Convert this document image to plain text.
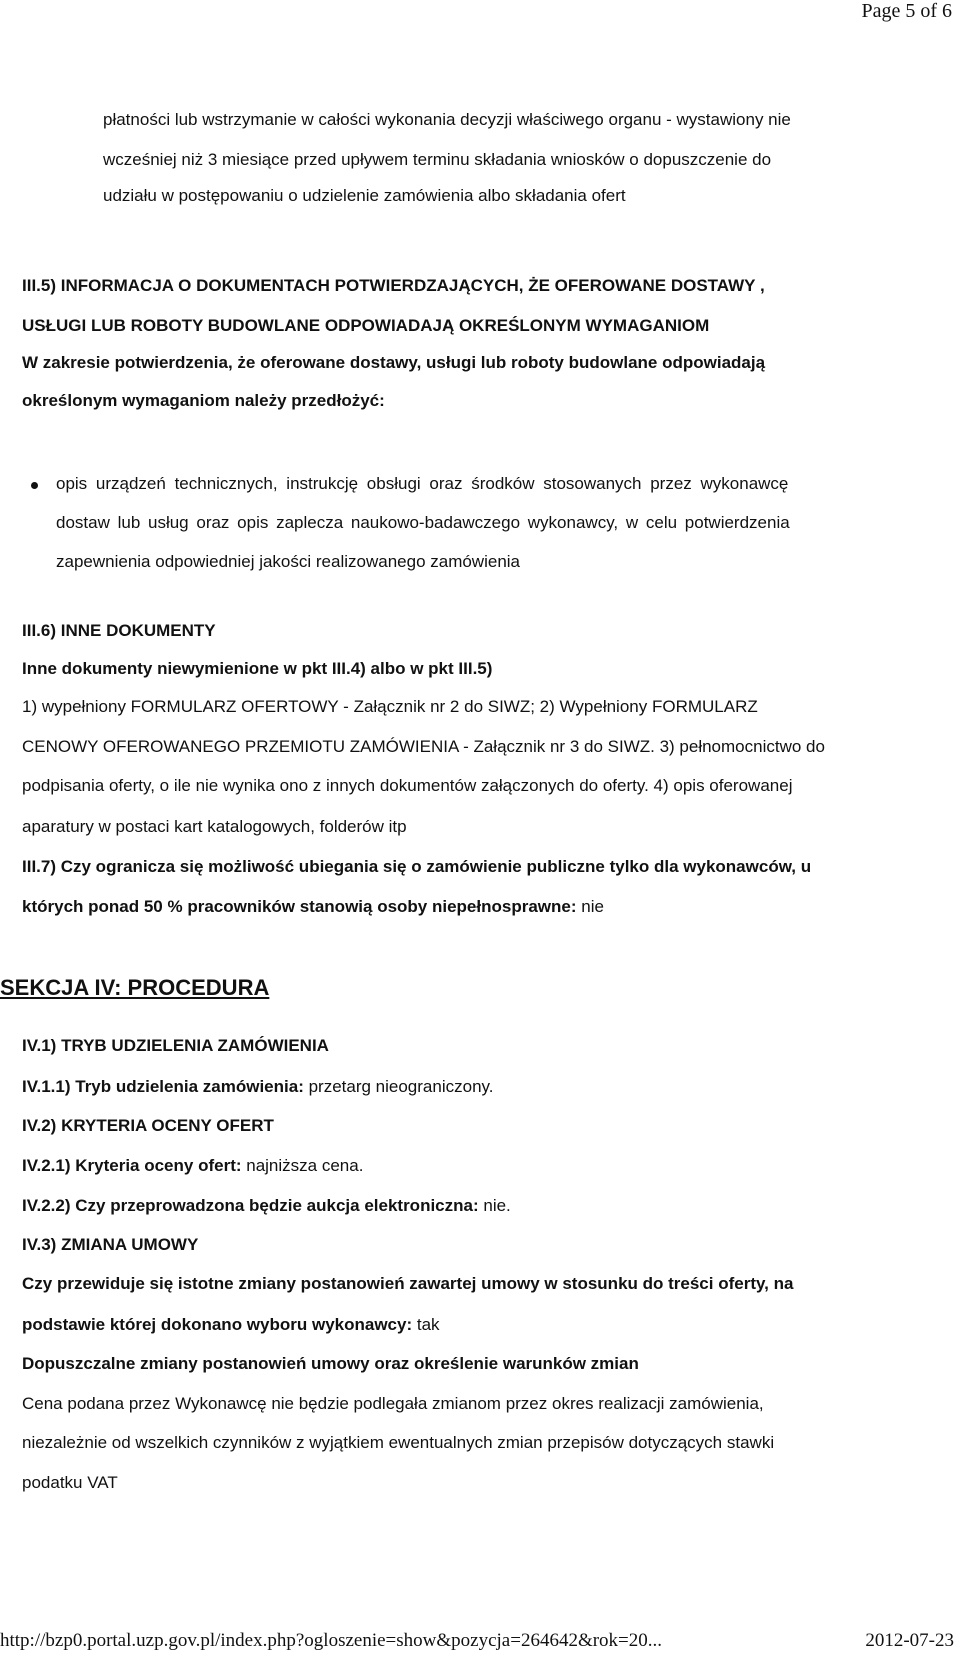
Page 5 of 6
płatności lub wstrzymanie w całości wykonania decyzji właściwego organu - wystawiony nie
wcześniej niż 3 miesiące przed upływem terminu składania wniosków o dopuszczenie do
udziału w postępowaniu o udzielenie zamówienia albo składania ofert
III.5) INFORMACJA O DOKUMENTACH POTWIERDZAJĄCYCH, ŻE OFEROWANE DOSTAWY ,
USŁUGI LUB ROBOTY BUDOWLANE ODPOWIADAJĄ OKREŚLONYM WYMAGANIOM
W zakresie potwierdzenia, że oferowane dostawy, usługi lub roboty budowlane odpowiadają
określonym wymaganiom należy przedłożyć:
opis urządzeń technicznych, instrukcję obsługi oraz środków stosowanych przez wykonawcę
dostaw lub usług oraz opis zaplecza naukowo-badawczego wykonawcy, w celu potwierdzenia
zapewnienia odpowiedniej jakości realizowanego zamówienia
III.6) INNE DOKUMENTY
Inne dokumenty niewymienione w pkt III.4) albo w pkt III.5)
1) wypełniony FORMULARZ OFERTOWY - Załącznik nr 2 do SIWZ; 2) Wypełniony FORMULARZ
CENOWY OFEROWANEGO PRZEMIOTU ZAMÓWIENIA - Załącznik nr 3 do SIWZ. 3) pełnomocnictwo do
podpisania oferty, o ile nie wynika ono z innych dokumentów załączonych do oferty. 4) opis oferowanej
aparatury w postaci kart katalogowych, folderów itp
III.7) Czy ogranicza się możliwość ubiegania się o zamówienie publiczne tylko dla wykonawców, u
których ponad 50 % pracowników stanowią osoby niepełnosprawne: nie
SEKCJA IV: PROCEDURA
IV.1) TRYB UDZIELENIA ZAMÓWIENIA
IV.1.1) Tryb udzielenia zamówienia: przetarg nieograniczony.
IV.2) KRYTERIA OCENY OFERT
IV.2.1) Kryteria oceny ofert: najniższa cena.
IV.2.2) Czy przeprowadzona będzie aukcja elektroniczna: nie.
IV.3) ZMIANA UMOWY
Czy przewiduje się istotne zmiany postanowień zawartej umowy w stosunku do treści oferty, na
podstawie której dokonano wyboru wykonawcy: tak
Dopuszczalne zmiany postanowień umowy oraz określenie warunków zmian
Cena podana przez Wykonawcę nie będzie podlegała zmianom przez okres realizacji zamówienia,
niezależnie od wszelkich czynników z wyjątkiem ewentualnych zmian przepisów dotyczących stawki
podatku VAT
http://bzp0.portal.uzp.gov.pl/index.php?ogloszenie=show&pozycja=264642&rok=20...	2012-07-23
